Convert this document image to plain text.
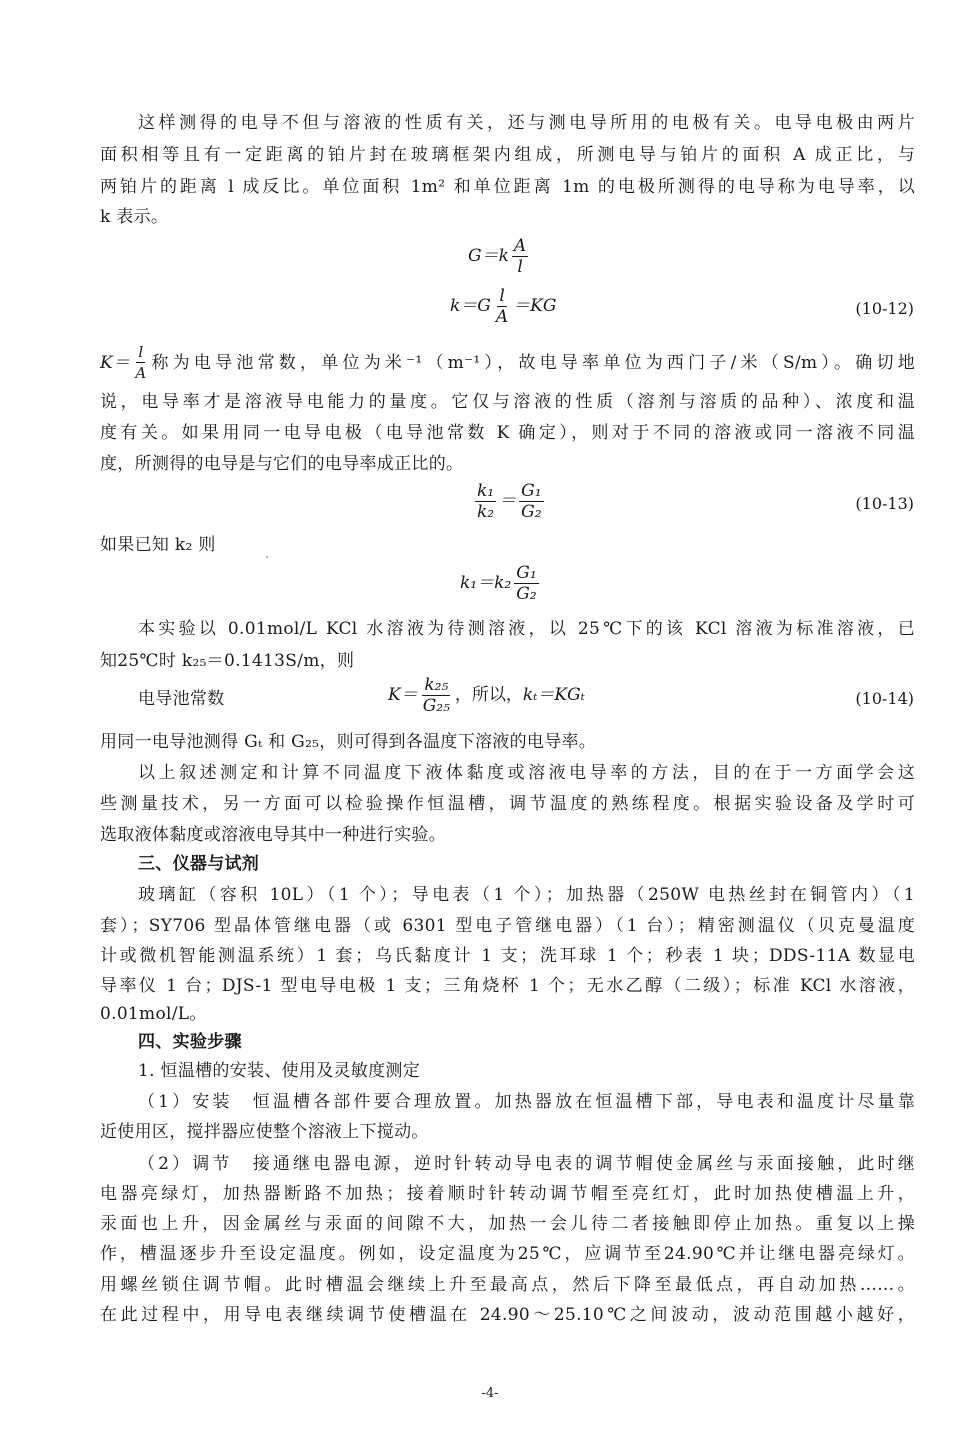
这样测得的电导不但与溶液的性质有关，还与测电导所用的电极有关。电导电极由两片
面积相等且有一定距离的铂片封在玻璃框架内组成，所测电导与铂片的面积 A 成正比，与
两铂片的距离 l 成反比。单位面积 1m² 和单位距离 1m 的电极所测得的电导称为电导率，以
k 表示。
$G=k \frac{A}{l}$
$k=G \frac{l}{A} =KG$	(10-12)
$K= \frac{l}{A}$ 称为电导池常数，单位为米⁻¹（m⁻¹），故电导率单位为西门子/米（S/m）。确切地
说，电导率才是溶液导电能力的量度。它仅与溶液的性质（溶剂与溶质的品种）、浓度和温
度有关。如果用同一电导电极（电导池常数 K 确定），则对于不同的溶液或同一溶液不同温
度，所测得的电导是与它们的电导率成正比的。
$\frac{\text{k₁}}{\text{k₂}} = \frac{\text{G₁}}{\text{G₂}}$	(10-13)
如果已知 k₂ 则
$k_1=k_2 \frac{\text{G₁}}{\text{G₂}}$
本实验以 0.01mol/L KCl 水溶液为待测溶液，以 25℃下的该 KCl 溶液为标准溶液，已
知25℃时 k₂₅＝0.1413S/m，则
电导池常数	$K= \frac{\text{k₂₅}}{\text{G₂₅}}$ ，所以，kₜ＝KGₜ	(10-14)
用同一电导池测得 Gₜ 和 G₂₅，则可得到各温度下溶液的电导率。
以上叙述测定和计算不同温度下液体黏度或溶液电导率的方法，目的在于一方面学会这
些测量技术，另一方面可以检验操作恒温槽，调节温度的熟练程度。根据实验设备及学时可
选取液体黏度或溶液电导其中一种进行实验。
三、仪器与试剂
玻璃缸（容积 10L）（1 个）；导电表（1 个）；加热器（250W 电热丝封在铜管内）（1
套）；SY706 型晶体管继电器（或 6301 型电子管继电器）（1 台）；精密测温仪（贝克曼温度
计或微机智能测温系统）1 套；乌氏黏度计 1 支；洗耳球 1 个；秒表 1 块；DDS-11A 数显电
导率仪 1 台；DJS-1 型电导电极 1 支；三角烧杯 1 个；无水乙醇（二级）；标准 KCl 水溶液，
0.01mol/L。
四、实验步骤
1. 恒温槽的安装、使用及灵敏度测定
（1）安装　恒温槽各部件要合理放置。加热器放在恒温槽下部，导电表和温度计尽量靠
近使用区，搅拌器应使整个溶液上下搅动。
（2）调节　接通继电器电源，逆时针转动导电表的调节帽使金属丝与汞面接触，此时继
电器亮绿灯，加热器断路不加热；接着顺时针转动调节帽至亮红灯，此时加热使槽温上升，
汞面也上升，因金属丝与汞面的间隙不大，加热一会儿待二者接触即停止加热。重复以上操
作，槽温逐步升至设定温度。例如，设定温度为25℃，应调节至24.90℃并让继电器亮绿灯。
用螺丝锁住调节帽。此时槽温会继续上升至最高点，然后下降至最低点，再自动加热……。
在此过程中，用导电表继续调节使槽温在 24.90～25.10℃之间波动，波动范围越小越好，
-4-
